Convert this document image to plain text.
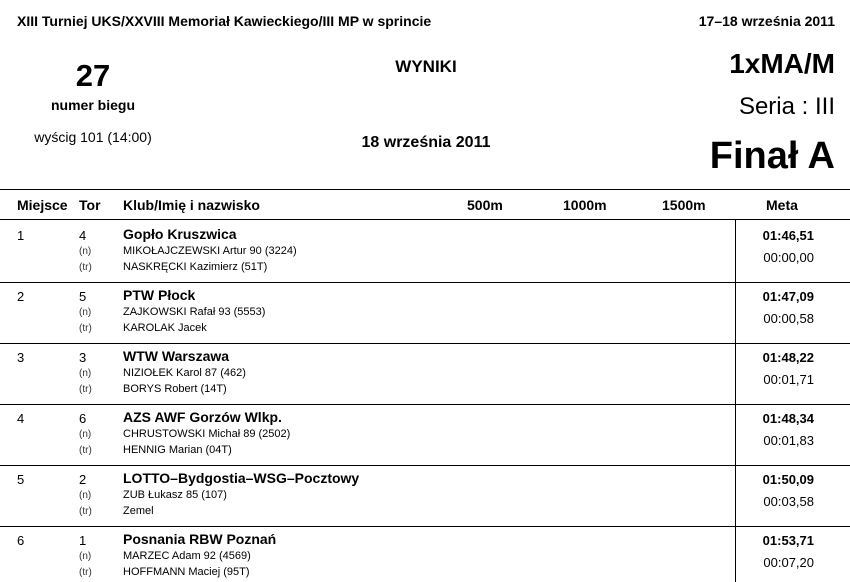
XIII Turniej UKS/XXVIII Memoriał Kawieckiego/III MP w sprincie	17–18 września 2011
27
numer biegu
wyścig 101 (14:00)
WYNIKI
18 września 2011
1xMA/M
Seria : III
Finał A
Miejsce Tor Klub/Imię i nazwisko	500m	1000m	1500m	Meta
1	4	Gopło Kruszwica
(n)	MIKOŁAJCZEWSKI Artur 90 (3224)
(tr)	NASKRĘCKI Kazimierz (51T)
01:46,51
00:00,00
2	5	PTW Płock
(n)	ZAJKOWSKI Rafał 93 (5553)
(tr)	KAROLAK Jacek
01:47,09
00:00,58
3	3	WTW Warszawa
(n)	NIZIOŁEK Karol 87 (462)
(tr)	BORYS Robert (14T)
01:48,22
00:01,71
4	6	AZS AWF Gorzów Wlkp.
(n)	CHRUSTOWSKI Michał 89 (2502)
(tr)	HENNIG Marian (04T)
01:48,34
00:01,83
5	2	LOTTO–Bydgostia–WSG–Pocztowy
(n)	ZUB Łukasz 85 (107)
(tr)	Zemel
01:50,09
00:03,58
6	1	Posnania RBW Poznań
(n)	MARZEC Adam 92 (4569)
(tr)	HOFFMANN Maciej (95T)
01:53,71
00:07,20
